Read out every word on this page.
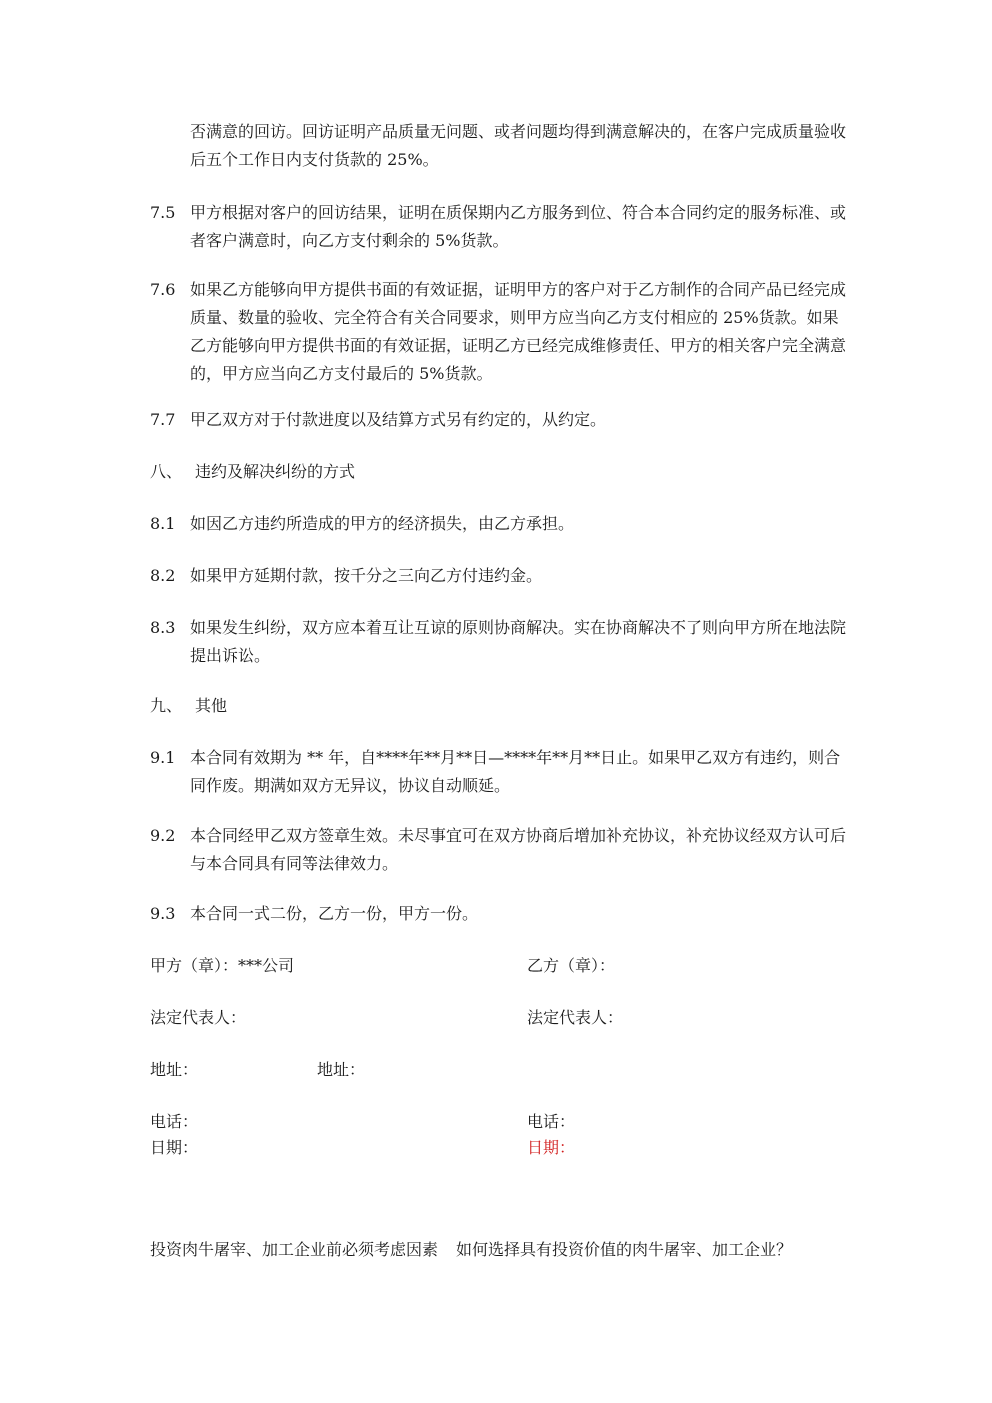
否满意的回访。回访证明产品质量无问题、或者问题均得到满意解决的，在客户完成质量验收后五个工作日内支付货款的 25%。
7.5 甲方根据对客户的回访结果，证明在质保期内乙方服务到位、符合本合同约定的服务标准、或者客户满意时，向乙方支付剩余的 5%货款。
7.6 如果乙方能够向甲方提供书面的有效证据，证明甲方的客户对于乙方制作的合同产品已经完成质量、数量的验收、完全符合有关合同要求，则甲方应当向乙方支付相应的 25%货款。如果乙方能够向甲方提供书面的有效证据，证明乙方已经完成维修责任、甲方的相关客户完全满意的，甲方应当向乙方支付最后的 5%货款。
7.7 甲乙双方对于付款进度以及结算方式另有约定的，从约定。
八、 违约及解决纠纷的方式
8.1 如因乙方违约所造成的甲方的经济损失，由乙方承担。
8.2 如果甲方延期付款，按千分之三向乙方付违约金。
8.3 如果发生纠纷，双方应本着互让互谅的原则协商解决。实在协商解决不了则向甲方所在地法院提出诉讼。
九、 其他
9.1 本合同有效期为 ** 年，自****年**月**日—****年**月**日止。如果甲乙双方有违约，则合同作废。期满如双方无异议，协议自动顺延。
9.2 本合同经甲乙双方签章生效。未尽事宜可在双方协商后增加补充协议，补充协议经双方认可后与本合同具有同等法律效力。
9.3 本合同一式二份，乙方一份，甲方一份。
甲方（章）：***公司	乙方（章）：
法定代表人：	法定代表人：
地址：	地址：
电话：	电话：
日期：	日期：
投资肉牛屠宰、加工企业前必须考虑因素 如何选择具有投资价值的肉牛屠宰、加工企业？
